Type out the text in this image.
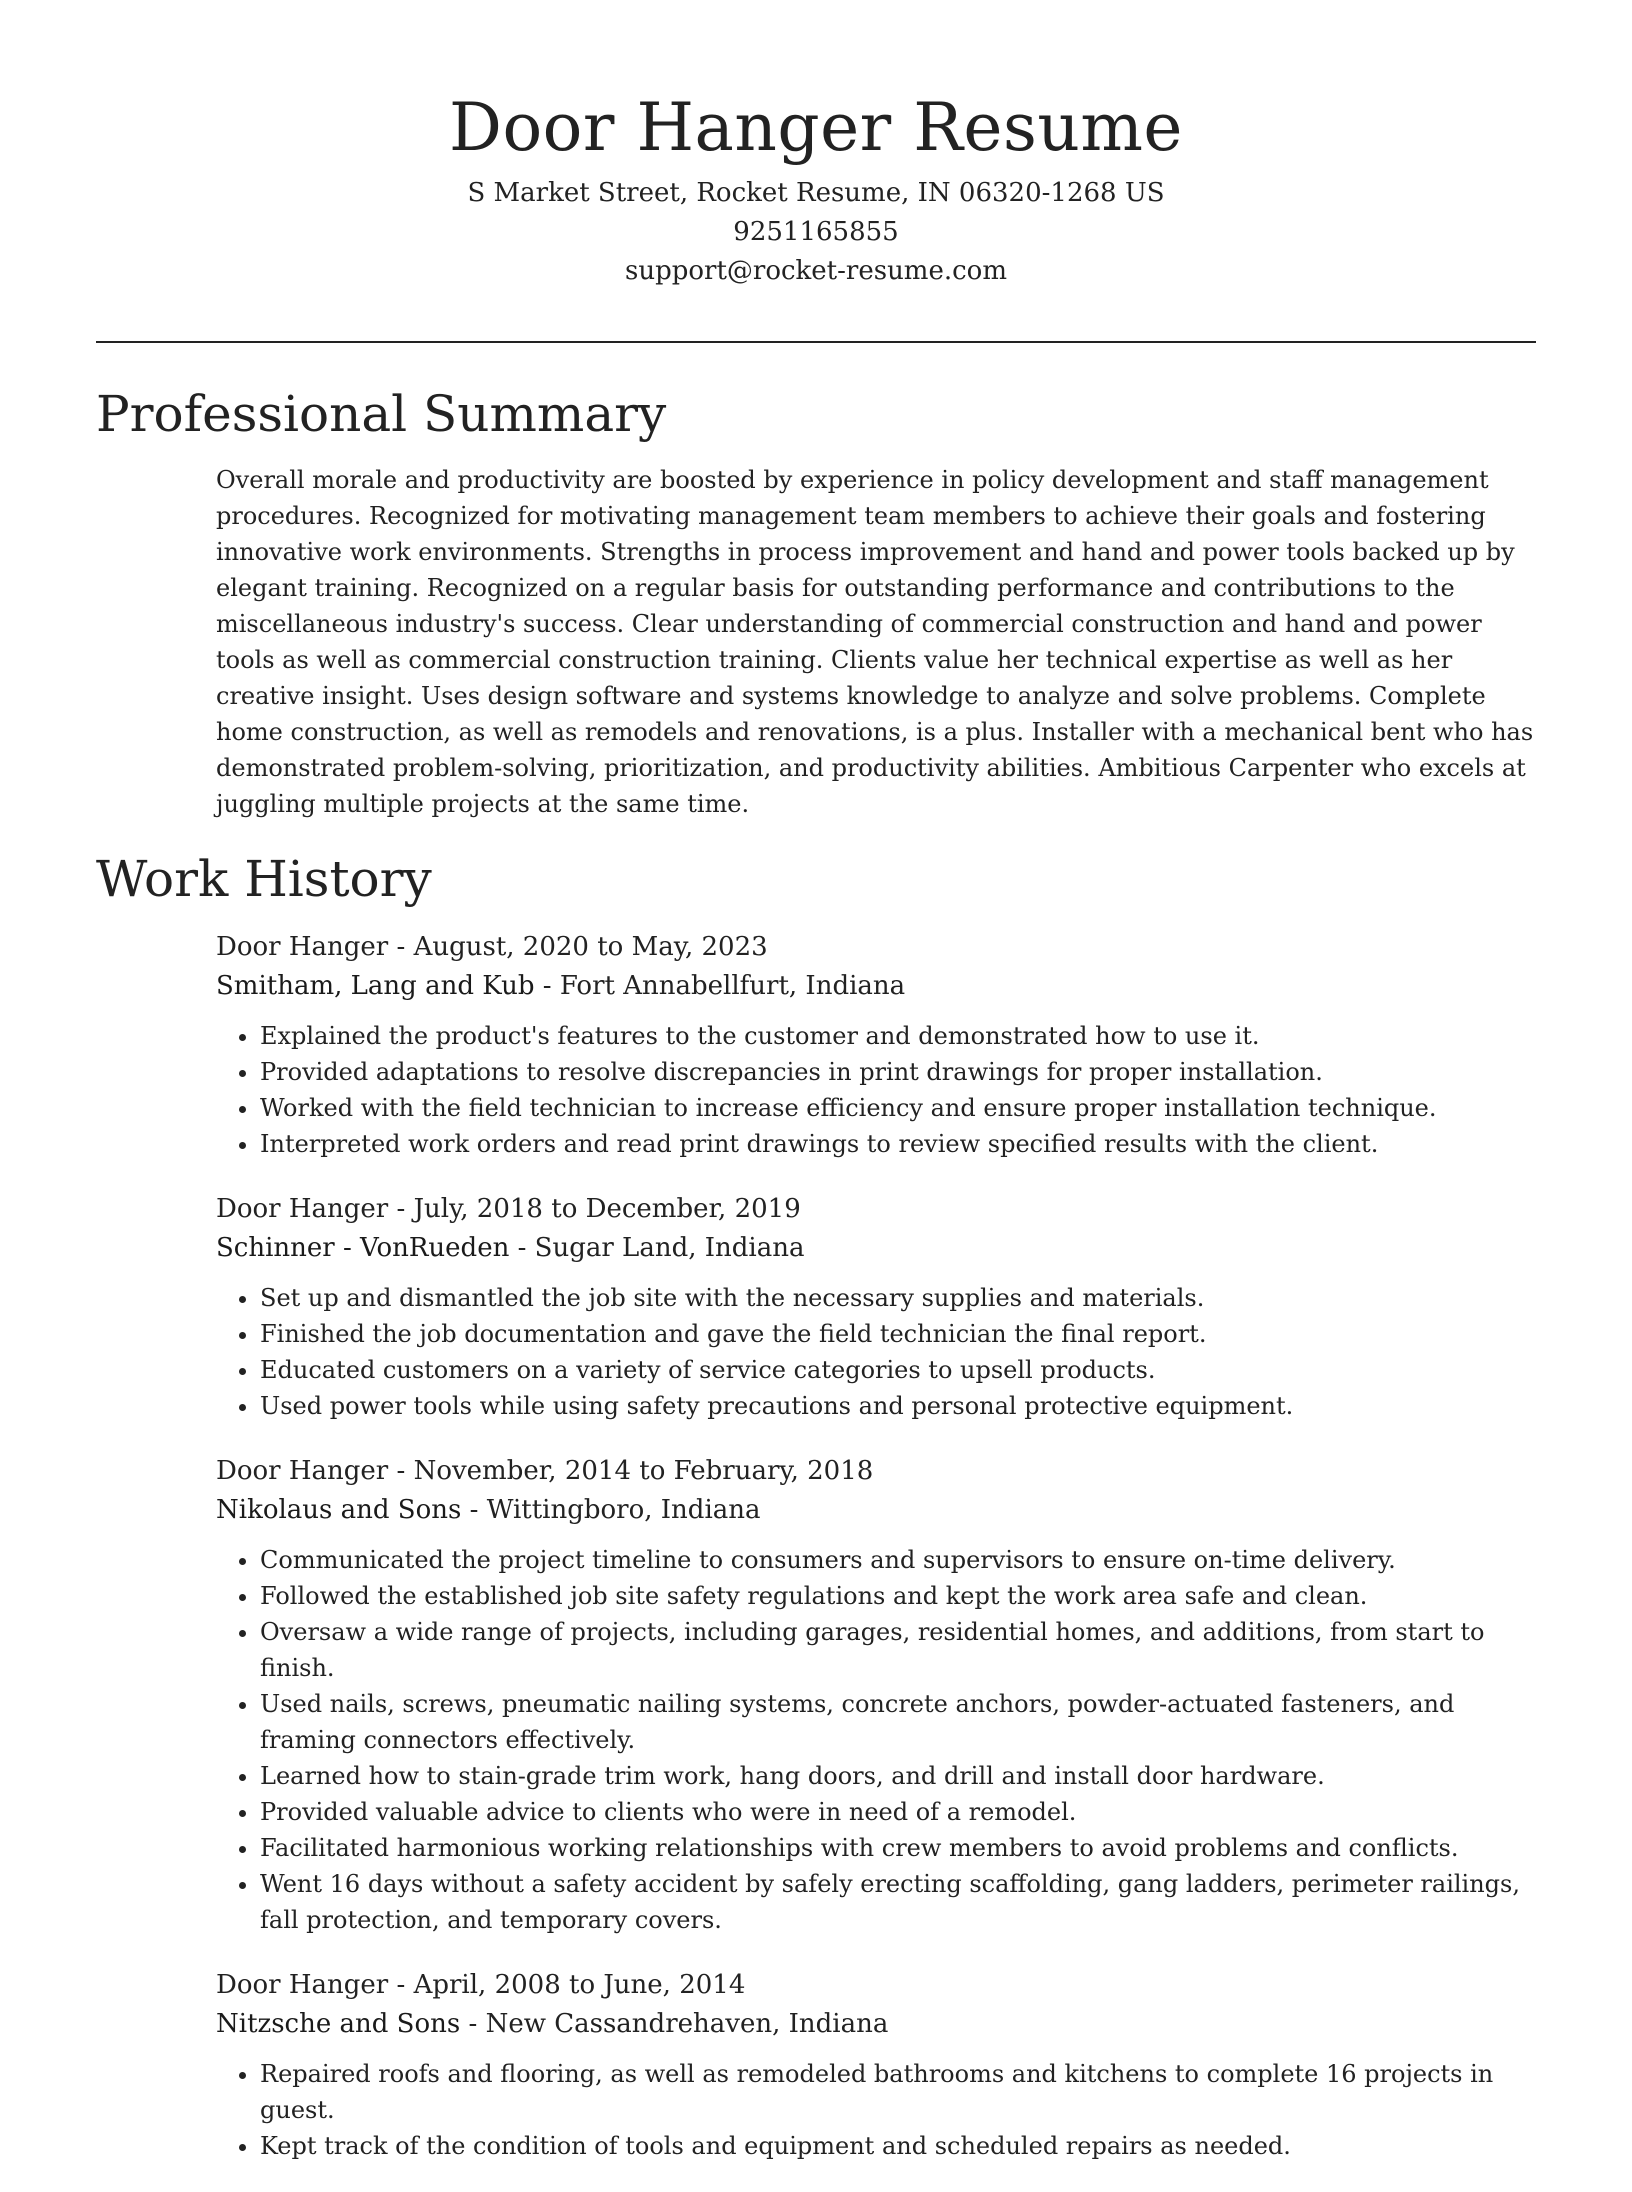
Door Hanger Resume

S Market Street, Rocket Resume, IN 06320-1268 US

9251165855

support@rocket-resume.com

Professional Summary

Overall morale and productivity are boosted by experience in policy development and staff management procedures. Recognized for motivating management team members to achieve their goals and fostering innovative work environments. Strengths in process improvement and hand and power tools backed up by elegant training. Recognized on a regular basis for outstanding performance and contributions to the miscellaneous industry's success. Clear understanding of commercial construction and hand and power tools as well as commercial construction training. Clients value her technical expertise as well as her creative insight. Uses design software and systems knowledge to analyze and solve problems. Complete home construction, as well as remodels and renovations, is a plus. Installer with a mechanical bent who has demonstrated problem-solving, prioritization, and productivity abilities. Ambitious Carpenter who excels at juggling multiple projects at the same time.

Work History

Door Hanger - August, 2020 to May, 2023

Smitham, Lang and Kub - Fort Annabellfurt, Indiana

• Explained the product's features to the customer and demonstrated how to use it.
• Provided adaptations to resolve discrepancies in print drawings for proper installation.
• Worked with the field technician to increase efficiency and ensure proper installation technique.
• Interpreted work orders and read print drawings to review specified results with the client.

Door Hanger - July, 2018 to December, 2019

Schinner - VonRueden - Sugar Land, Indiana

• Set up and dismantled the job site with the necessary supplies and materials.
• Finished the job documentation and gave the field technician the final report.
• Educated customers on a variety of service categories to upsell products.
• Used power tools while using safety precautions and personal protective equipment.

Door Hanger - November, 2014 to February, 2018

Nikolaus and Sons - Wittingboro, Indiana

• Communicated the project timeline to consumers and supervisors to ensure on-time delivery.
• Followed the established job site safety regulations and kept the work area safe and clean.
• Oversaw a wide range of projects, including garages, residential homes, and additions, from start to finish.
• Used nails, screws, pneumatic nailing systems, concrete anchors, powder-actuated fasteners, and framing connectors effectively.
• Learned how to stain-grade trim work, hang doors, and drill and install door hardware.
• Provided valuable advice to clients who were in need of a remodel.
• Facilitated harmonious working relationships with crew members to avoid problems and conflicts.
• Went 16 days without a safety accident by safely erecting scaffolding, gang ladders, perimeter railings, fall protection, and temporary covers.

Door Hanger - April, 2008 to June, 2014

Nitzsche and Sons - New Cassandrehaven, Indiana

• Repaired roofs and flooring, as well as remodeled bathrooms and kitchens to complete 16 projects in guest.
• Kept track of the condition of tools and equipment and scheduled repairs as needed.
